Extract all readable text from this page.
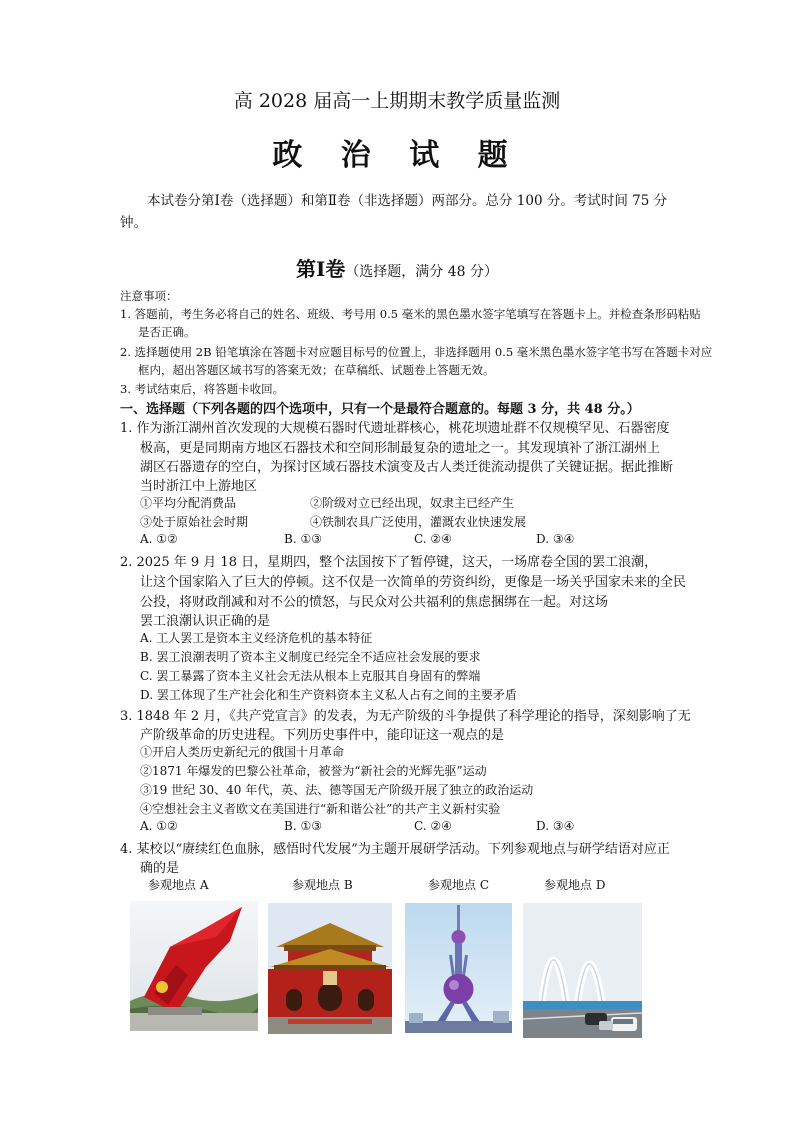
高 2028 届高一上期期末教学质量监测
政 治 试 题
本试卷分第Ⅰ卷（选择题）和第Ⅱ卷（非选择题）两部分。总分 100 分。考试时间 75 分钟。
第Ⅰ卷（选择题，满分 48 分）
注意事项：
1. 答题前，考生务必将自己的姓名、班级、考号用 0.5 毫米的黑色墨水签字笔填写在答题卡上。并检查条形码粘贴
是否正确。
2. 选择题使用 2B 铅笔填涂在答题卡对应题目标号的位置上，非选择题用 0.5 毫米黑色墨水签字笔书写在答题卡对应
框内，超出答题区域书写的答案无效；在草稿纸、试题卷上答题无效。
3. 考试结束后，将答题卡收回。
一、选择题（下列各题的四个选项中，只有一个是最符合题意的。每题 3 分，共 48 分。）
1. 作为浙江湖州首次发现的大规模石器时代遗址群核心，桃花坝遗址群不仅规模罕见、石器密度
极高，更是同期南方地区石器技术和空间形制最复杂的遗址之一。其发现填补了浙江湖州上
湖区石器遗存的空白，为探讨区域石器技术演变及古人类迁徙流动提供了关键证据。据此推断
当时浙江中上游地区
①平均分配消费品	②阶级对立已经出现，奴隶主已经产生
③处于原始社会时期	④铁制农具广泛使用，灌溉农业快速发展
A. ①②	B. ①③	C. ②④	D. ③④
2. 2025 年 9 月 18 日，星期四，整个法国按下了暂停键，这天，一场席卷全国的罢工浪潮，
让这个国家陷入了巨大的停顿。这不仅是一次简单的劳资纠纷，更像是一场关乎国家未来的全民
公投，将财政削减和对不公的愤怒，与民众对公共福利的焦虑捆绑在一起。对这场
罢工浪潮认识正确的是
A. 工人罢工是资本主义经济危机的基本特征
B. 罢工浪潮表明了资本主义制度已经完全不适应社会发展的要求
C. 罢工暴露了资本主义社会无法从根本上克服其自身固有的弊端
D. 罢工体现了生产社会化和生产资料资本主义私人占有之间的主要矛盾
3. 1848 年 2 月，《共产党宣言》的发表，为无产阶级的斗争提供了科学理论的指导，深刻影响了无
产阶级革命的历史进程。下列历史事件中，能印证这一观点的是
①开启人类历史新纪元的俄国十月革命
②1871 年爆发的巴黎公社革命，被誉为“新社会的光辉先驱”运动
③19 世纪 30、40 年代，英、法、德等国无产阶级开展了独立的政治运动
④空想社会主义者欧文在美国进行“新和谐公社”的共产主义新村实验
A. ①②	B. ①③	C. ②④	D. ③④
4. 某校以“赓续红色血脉，感悟时代发展”为主题开展研学活动。下列参观地点与研学结语对应正
确的是
参观地点 A	参观地点 B	参观地点 C	参观地点 D
